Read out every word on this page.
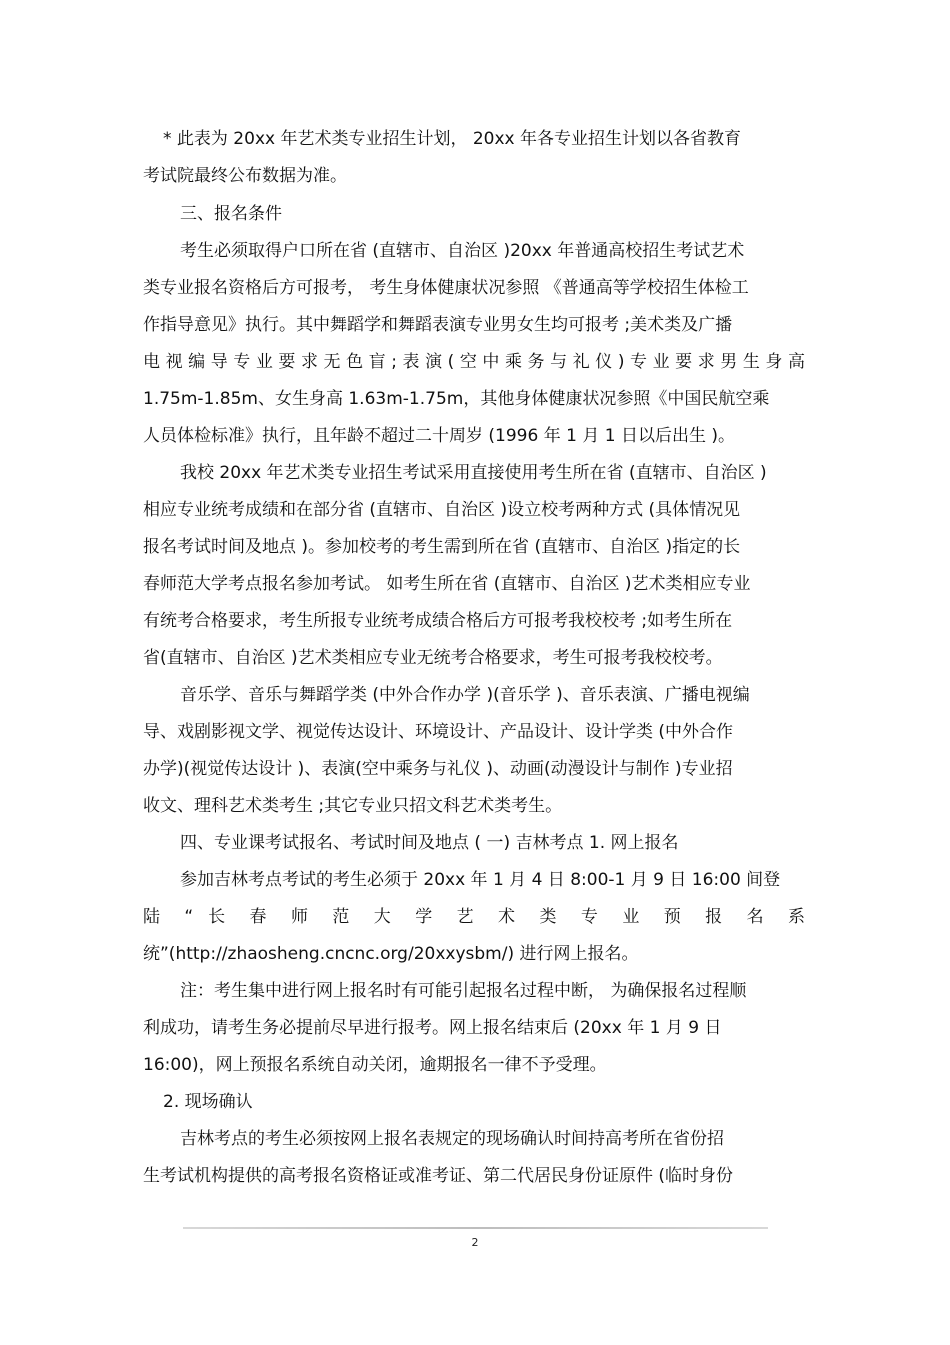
* 此表为 20xx 年艺术类专业招生计划， 20xx 年各专业招生计划以各省教育
考试院最终公布数据为准。
三、报名条件
考生必须取得户口所在省 (直辖市、自治区 )20xx 年普通高校招生考试艺术
类专业报名资格后方可报考， 考生身体健康状况参照 《普通高等学校招生体检工
作指导意见》执行。其中舞蹈学和舞蹈表演专业男女生均可报考 ;美术类及广播
电视编导专业要求无色盲;表演(空中乘务与礼仪)专业要求男生身高
1.75m-1.85m、女生身高 1.63m-1.75m，其他身体健康状况参照《中国民航空乘
人员体检标准》执行，且年龄不超过二十周岁 (1996 年 1 月 1 日以后出生 )。
我校 20xx 年艺术类专业招生考试采用直接使用考生所在省 (直辖市、自治区 )
相应专业统考成绩和在部分省 (直辖市、自治区 )设立校考两种方式 (具体情况见
报名考试时间及地点 )。参加校考的考生需到所在省 (直辖市、自治区 )指定的长
春师范大学考点报名参加考试。 如考生所在省 (直辖市、自治区 )艺术类相应专业
有统考合格要求，考生所报专业统考成绩合格后方可报考我校校考 ;如考生所在
省(直辖市、自治区 )艺术类相应专业无统考合格要求，考生可报考我校校考。
音乐学、音乐与舞蹈学类 (中外合作办学 )(音乐学 )、音乐表演、广播电视编
导、戏剧影视文学、视觉传达设计、环境设计、产品设计、设计学类 (中外合作
办学)(视觉传达设计 )、表演(空中乘务与礼仪 )、动画(动漫设计与制作 )专业招
收文、理科艺术类考生 ;其它专业只招文科艺术类考生。
四、专业课考试报名、考试时间及地点 ( 一) 吉林考点 1. 网上报名
参加吉林考点考试的考生必须于 20xx 年 1 月 4 日 8:00-1 月 9 日 16:00 间登
陆 “ 长 春 师 范 大 学 艺 术 类 专 业 预 报 名 系
统”(http://zhaosheng.cncnc.org/20xxysbm/) 进行网上报名。
注：考生集中进行网上报名时有可能引起报名过程中断， 为确保报名过程顺
利成功，请考生务必提前尽早进行报考。网上报名结束后 (20xx 年 1 月 9 日
16:00)，网上预报名系统自动关闭，逾期报名一律不予受理。
2. 现场确认
吉林考点的考生必须按网上报名表规定的现场确认时间持高考所在省份招
生考试机构提供的高考报名资格证或准考证、第二代居民身份证原件 (临时身份
2
